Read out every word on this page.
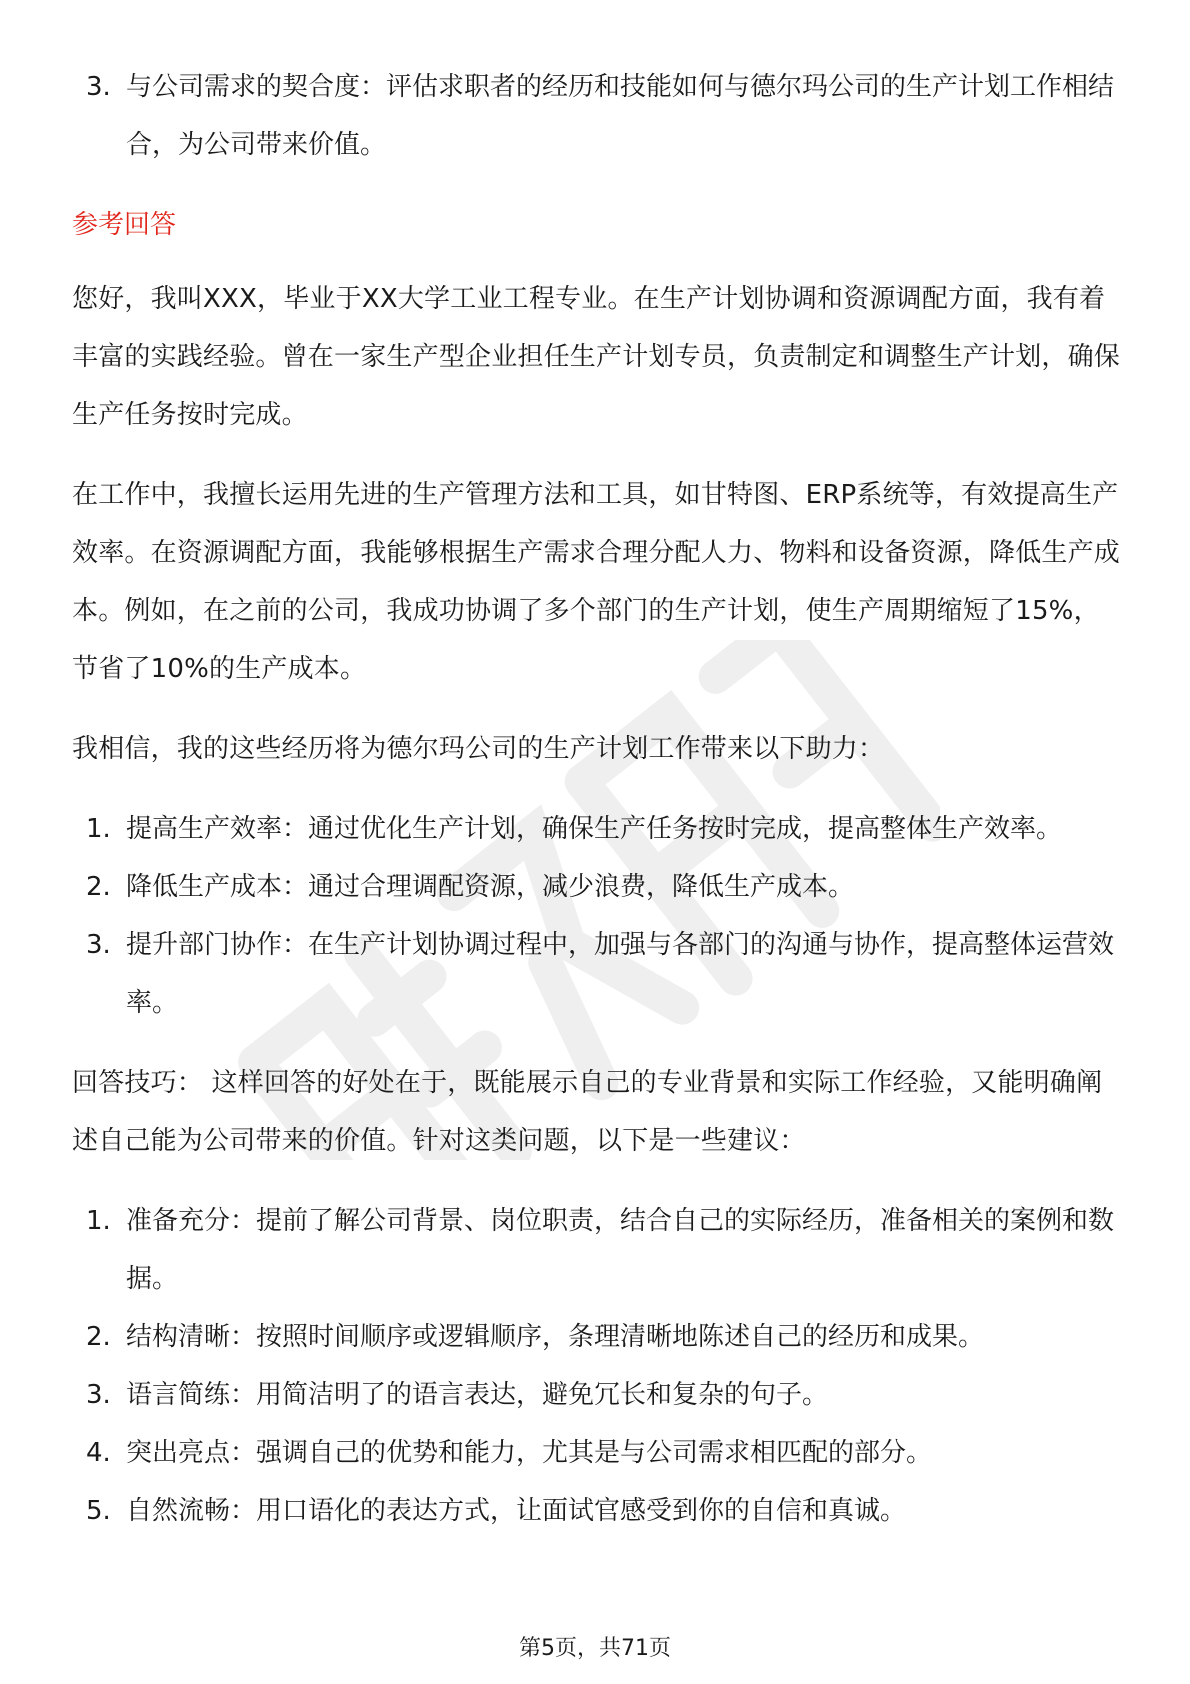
3. 与公司需求的契合度：评估求职者的经历和技能如何与德尔玛公司的生产计划工作相结合，为公司带来价值。
参考回答

您好，我叫XXX，毕业于XX大学工业工程专业。在生产计划协调和资源调配方面，我有着丰富的实践经验。曾在一家生产型企业担任生产计划专员，负责制定和调整生产计划，确保生产任务按时完成。

在工作中，我擅长运用先进的生产管理方法和工具，如甘特图、ERP系统等，有效提高生产效率。在资源调配方面，我能够根据生产需求合理分配人力、物料和设备资源，降低生产成本。例如，在之前的公司，我成功协调了多个部门的生产计划，使生产周期缩短了15%，节省了10%的生产成本。

我相信，我的这些经历将为德尔玛公司的生产计划工作带来以下助力：

1. 提高生产效率：通过优化生产计划，确保生产任务按时完成，提高整体生产效率。
2. 降低生产成本：通过合理调配资源，减少浪费，降低生产成本。
3. 提升部门协作：在生产计划协调过程中，加强与各部门的沟通与协作，提高整体运营效率。

回答技巧： 这样回答的好处在于，既能展示自己的专业背景和实际工作经验，又能明确阐述自己能为公司带来的价值。针对这类问题，以下是一些建议：

1. 准备充分：提前了解公司背景、岗位职责，结合自己的实际经历，准备相关的案例和数据。
2. 结构清晰：按照时间顺序或逻辑顺序，条理清晰地陈述自己的经历和成果。
3. 语言简练：用简洁明了的语言表达，避免冗长和复杂的句子。
4. 突出亮点：强调自己的优势和能力，尤其是与公司需求相匹配的部分。
5. 自然流畅：用口语化的表达方式，让面试官感受到你的自信和真诚。
第5页，共71页
